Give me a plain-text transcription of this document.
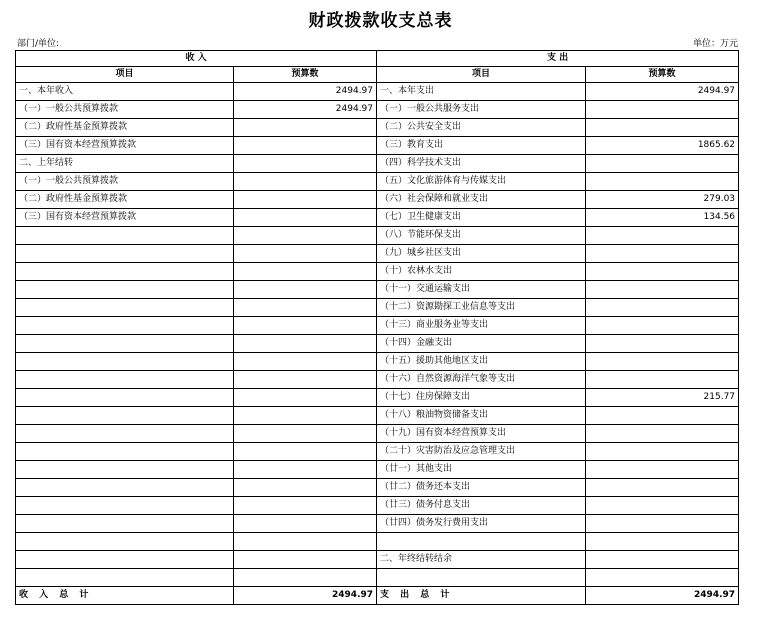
财政拨款收支总表
部门/单位:	单位：万元
收 入		支 出	
项目	预算数	项目	预算数
一、本年收入	2494.97	一、本年支出	2494.97
（一）一般公共预算拨款	2494.97	（一）一般公共服务支出	
（二）政府性基金预算拨款		（二）公共安全支出	
（三）国有资本经营预算拨款		（三）教育支出	1865.62
二、上年结转		（四）科学技术支出	
（一）一般公共预算拨款		（五）文化旅游体育与传媒支出	
（二）政府性基金预算拨款		（六）社会保障和就业支出	279.03
（三）国有资本经营预算拨款		（七）卫生健康支出	134.56
		（八）节能环保支出	
		（九）城乡社区支出	
		（十）农林水支出	
		（十一）交通运输支出	
		（十二）资源勘探工业信息等支出	
		（十三）商业服务业等支出	
		（十四）金融支出	
		（十五）援助其他地区支出	
		（十六）自然资源海洋气象等支出	
		（十七）住房保障支出	215.77
		（十八）粮油物资储备支出	
		（十九）国有资本经营预算支出	
		（二十）灾害防治及应急管理支出	
		（廿一）其他支出	
		（廿二）债务还本支出	
		（廿三）债务付息支出	
		（廿四）债务发行费用支出	

		二、年终结转结余	

收 入 总 计	2494.97	支 出 总 计	2494.97
